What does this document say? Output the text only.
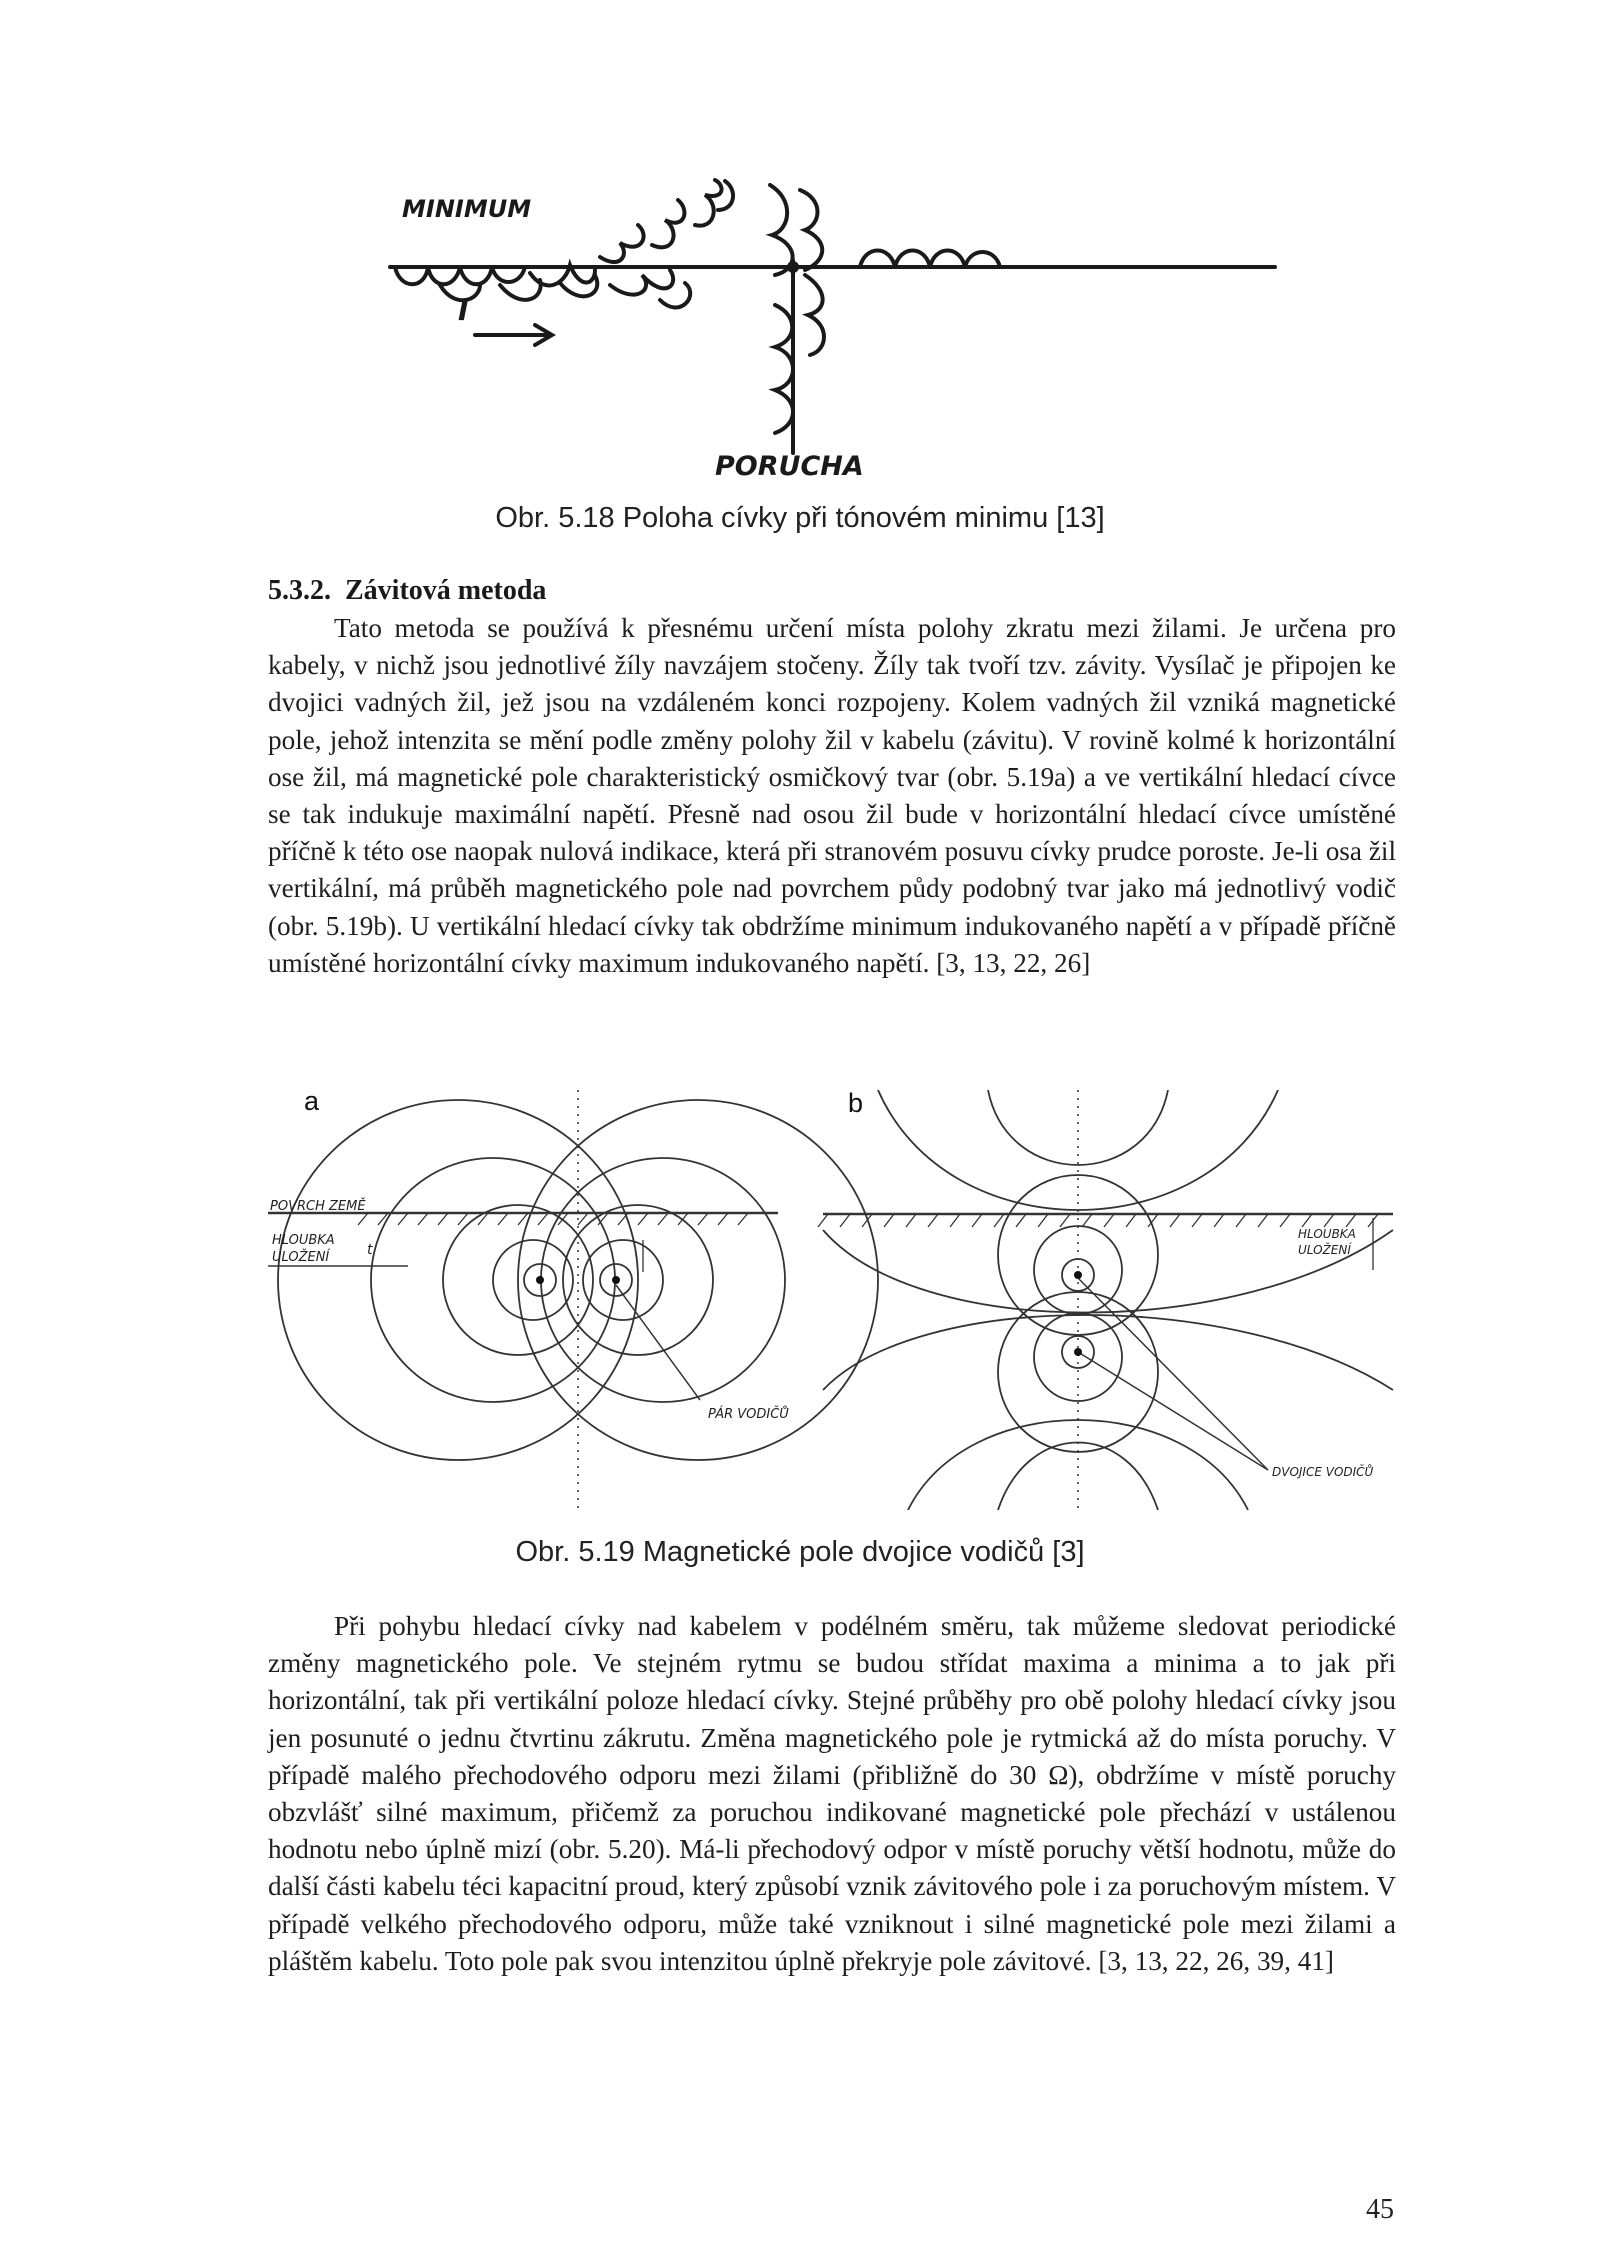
MINIMUM
I
PORUCHA
Obr. 5.18 Poloha cívky při tónovém minimu [13]
5.3.2. Závitová metoda

Tato metoda se používá k přesnému určení místa polohy zkratu mezi žilami. Je určena pro kabely, v nichž jsou jednotlivé žíly navzájem stočeny. Žíly tak tvoří tzv. závity. Vysílač je připojen ke dvojici vadných žil, jež jsou na vzdáleném konci rozpojeny. Kolem vadných žil vzniká magnetické pole, jehož intenzita se mění podle změny polohy žil v kabelu (závitu). V rovině kolmé k horizontální ose žil, má magnetické pole charakteristický osmičkový tvar (obr. 5.19a) a ve vertikální hledací cívce se tak indukuje maximální napětí. Přesně nad osou žil bude v horizontální hledací cívce umístěné příčně k této ose naopak nulová indikace, která při stranovém posuvu cívky prudce poroste. Je-li osa žil vertikální, má průběh magnetického pole nad povrchem půdy podobný tvar jako má jednotlivý vodič (obr. 5.19b). U vertikální hledací cívky tak obdržíme minimum indukovaného napětí a v případě příčně umístěné horizontální cívky maximum indukovaného napětí. [3, 13, 22, 26]

a	b
POVRCH ZEMĚ
HLOUBKA
ULOŽENÍ	t
PÁR VODIČŮ
HLOUBKA
ULOŽENÍ
DVOJICE VODIČŮ
Obr. 5.19 Magnetické pole dvojice vodičů [3]

Při pohybu hledací cívky nad kabelem v podélném směru, tak můžeme sledovat periodické změny magnetického pole. Ve stejném rytmu se budou střídat maxima a minima a to jak při horizontální, tak při vertikální poloze hledací cívky. Stejné průběhy pro obě polohy hledací cívky jsou jen posunuté o jednu čtvrtinu zákrutu. Změna magnetického pole je rytmická až do místa poruchy. V případě malého přechodového odporu mezi žilami (přibližně do 30 Ω), obdržíme v místě poruchy obzvlášť silné maximum, přičemž za poruchou indikované magnetické pole přechází v ustálenou hodnotu nebo úplně mizí (obr. 5.20). Má-li přechodový odpor v místě poruchy větší hodnotu, může do další části kabelu téci kapacitní proud, který způsobí vznik závitového pole i za poruchovým místem. V případě velkého přechodového odporu, může také vzniknout i silné magnetické pole mezi žilami a pláštěm kabelu. Toto pole pak svou intenzitou úplně překryje pole závitové. [3, 13, 22, 26, 39, 41]

45
